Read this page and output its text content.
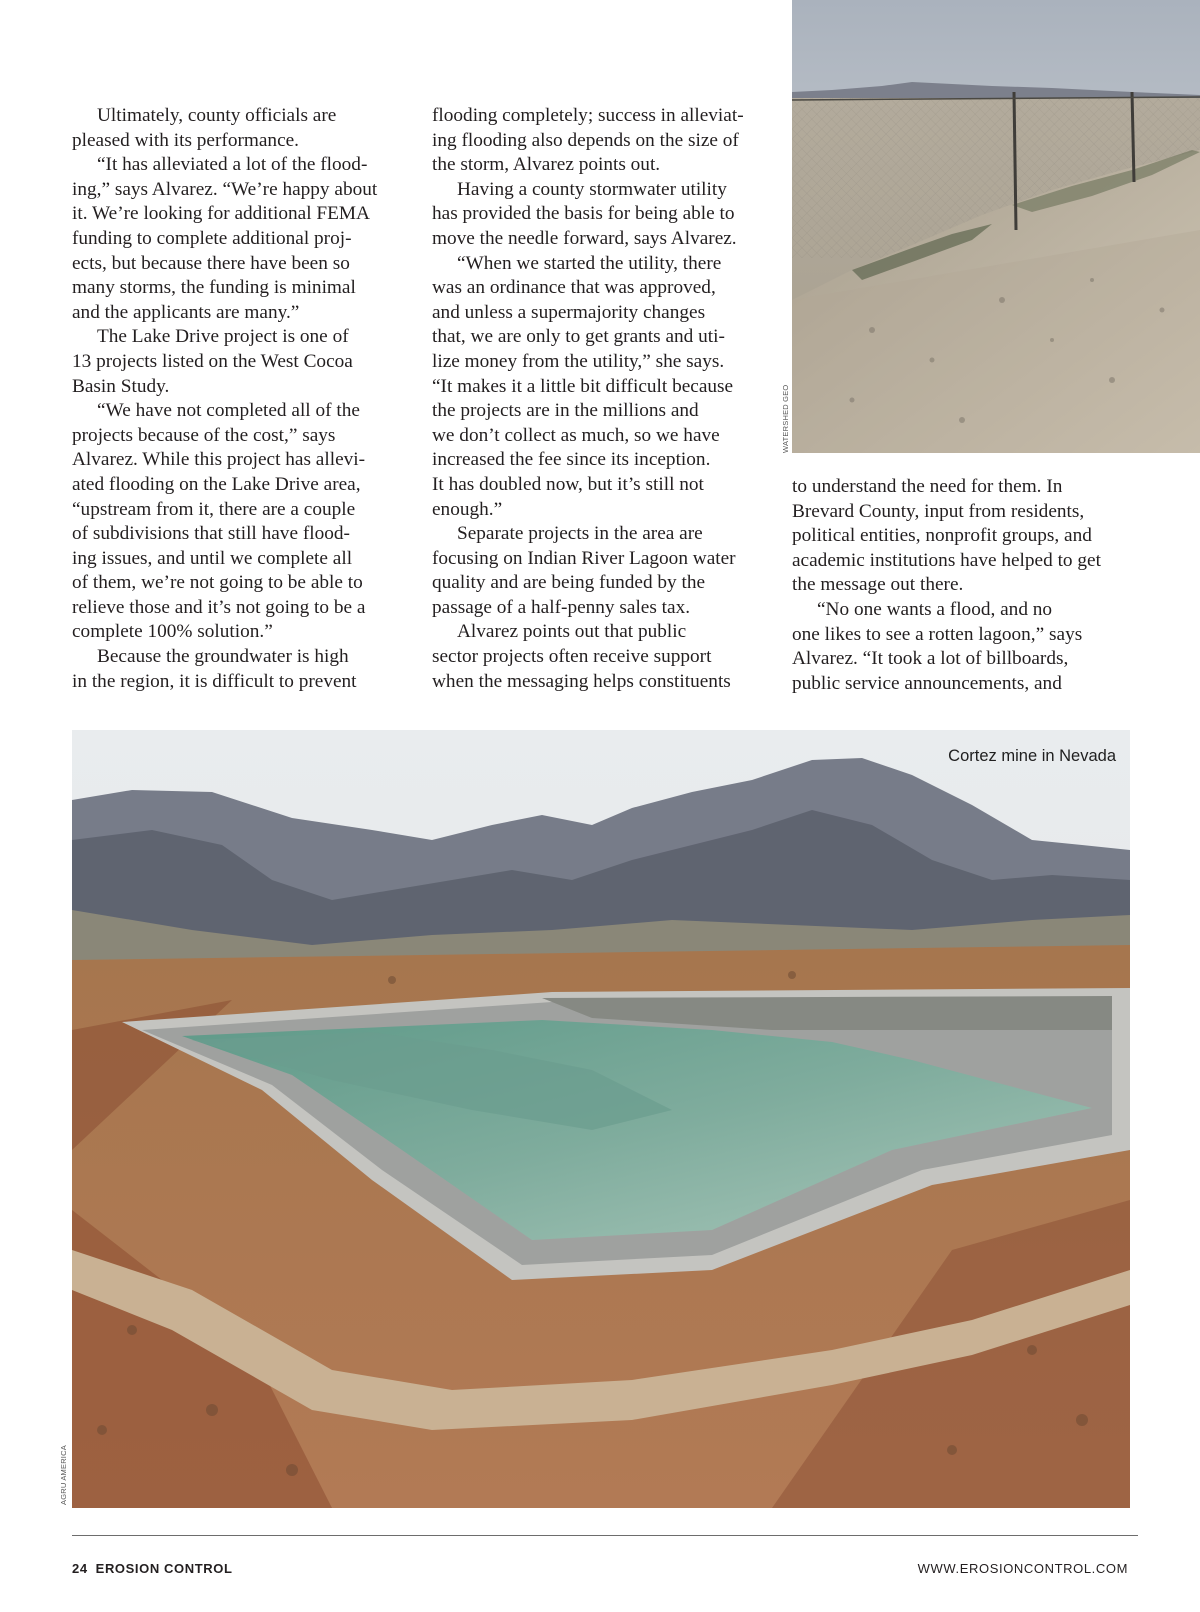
Ultimately, county officials are
pleased with its performance.
“It has alleviated a lot of the flood-
ing,” says Alvarez. “We’re happy about
it. We’re looking for additional FEMA
funding to complete additional proj-
ects, but because there have been so
many storms, the funding is minimal
and the applicants are many.”
The Lake Drive project is one of
13 projects listed on the West Cocoa
Basin Study.
“We have not completed all of the
projects because of the cost,” says
Alvarez. While this project has allevi-
ated flooding on the Lake Drive area,
“upstream from it, there are a couple
of subdivisions that still have flood-
ing issues, and until we complete all
of them, we’re not going to be able to
relieve those and it’s not going to be a
complete 100% solution.”
Because the groundwater is high
in the region, it is difficult to prevent
flooding completely; success in alleviat-
ing flooding also depends on the size of
the storm, Alvarez points out.
Having a county stormwater utility
has provided the basis for being able to
move the needle forward, says Alvarez.
“When we started the utility, there
was an ordinance that was approved,
and unless a supermajority changes
that, we are only to get grants and uti-
lize money from the utility,” she says.
“It makes it a little bit difficult because
the projects are in the millions and
we don’t collect as much, so we have
increased the fee since its inception.
It has doubled now, but it’s still not
enough.”
Separate projects in the area are
focusing on Indian River Lagoon water
quality and are being funded by the
passage of a half-penny sales tax.
Alvarez points out that public
sector projects often receive support
when the messaging helps constituents
to understand the need for them. In
Brevard County, input from residents,
political entities, nonprofit groups, and
academic institutions have helped to get
the message out there.
“No one wants a flood, and no
one likes to see a rotten lagoon,” says
Alvarez. “It took a lot of billboards,
public service announcements, and
WATERSHED GEO
Cortez mine in Nevada
AGRU AMERICA
24 EROSION CONTROL	WWW.EROSIONCONTROL.COM
